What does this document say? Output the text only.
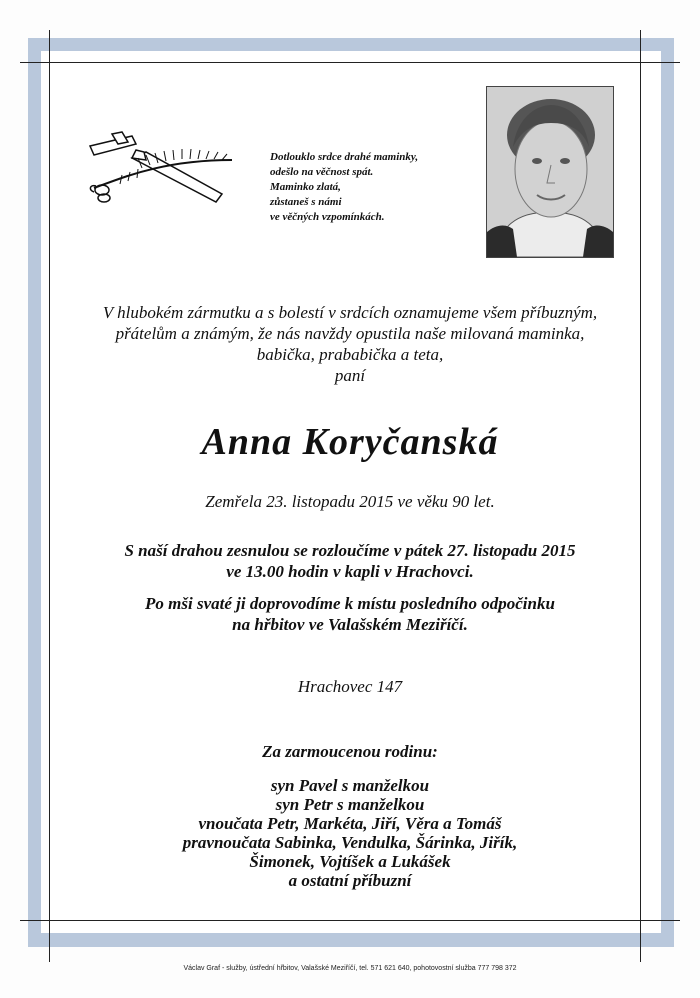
Dotlouklo srdce drahé maminky,
odešlo na věčnost spát.
Maminko zlatá,
zůstaneš s námi
ve věčných vzpomínkách.
V hlubokém zármutku a s bolestí v srdcích oznamujeme všem příbuzným,
přátelům a známým, že nás navždy opustila naše milovaná maminka,
babička, prababička a teta,
paní
Anna Koryčanská
Zemřela 23. listopadu 2015 ve věku 90 let.
S naší drahou zesnulou se rozloučíme v pátek 27. listopadu 2015
ve 13.00 hodin v kapli v Hrachovci.
Po mši svaté ji doprovodíme k místu posledního odpočinku
na hřbitov ve Valašském Meziříčí.
Hrachovec 147
Za zarmoucenou rodinu:
syn Pavel s manželkou
syn Petr s manželkou
vnoučata Petr, Markéta, Jiří, Věra a Tomáš
pravnoučata Sabinka, Vendulka, Šárinka, Jiřík,
Šimonek, Vojtíšek a Lukášek
a ostatní příbuzní
Václav Graf - služby, ústřední hřbitov, Valašské Meziříčí, tel. 571 621 640, pohotovostní služba 777 798 372
